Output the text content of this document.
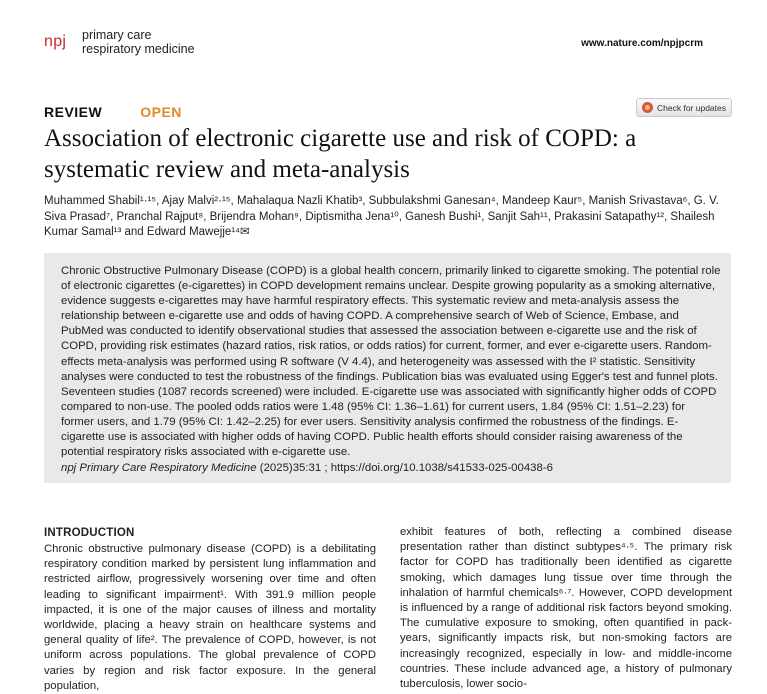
npj primary care
respiratory medicine	www.nature.com/npjpcrm
REVIEW	OPEN	Check for updates
Association of electronic cigarette use and risk of COPD: a systematic review and meta-analysis
Muhammed Shabil¹·¹⁵, Ajay Malvi²·¹⁵, Mahalaqua Nazli Khatib³, Subbulakshmi Ganesan⁴, Mandeep Kaur⁵, Manish Srivastava⁶, G. V. Siva Prasad⁷, Pranchal Rajput⁸, Brijendra Mohan⁹, Diptismitha Jena¹⁰, Ganesh Bushi¹, Sanjit Sah¹¹, Prakasini Satapathy¹², Shailesh Kumar Samal¹³ and Edward Mawejje¹⁴✉
Chronic Obstructive Pulmonary Disease (COPD) is a global health concern, primarily linked to cigarette smoking. The potential role of electronic cigarettes (e-cigarettes) in COPD development remains unclear. Despite growing popularity as a smoking alternative, evidence suggests e-cigarettes may have harmful respiratory effects. This systematic review and meta-analysis assess the relationship between e-cigarette use and odds of having COPD. A comprehensive search of Web of Science, Embase, and PubMed was conducted to identify observational studies that assessed the association between e-cigarette use and the risk of COPD, providing risk estimates (hazard ratios, risk ratios, or odds ratios) for current, former, and ever e-cigarette users. Random-effects meta-analysis was performed using R software (V 4.4), and heterogeneity was assessed with the I² statistic. Sensitivity analyses were conducted to test the robustness of the findings. Publication bias was evaluated using Egger's test and funnel plots. Seventeen studies (1087 records screened) were included. E-cigarette use was associated with significantly higher odds of COPD compared to non-use. The pooled odds ratios were 1.48 (95% CI: 1.36–1.61) for current users, 1.84 (95% CI: 1.51–2.23) for former users, and 1.79 (95% CI: 1.42–2.25) for ever users. Sensitivity analysis confirmed the robustness of the findings. E-cigarette use is associated with higher odds of having COPD. Public health efforts should consider raising awareness of the potential respiratory risks associated with e-cigarette use.
npj Primary Care Respiratory Medicine (2025)35:31 ; https://doi.org/10.1038/s41533-025-00438-6
INTRODUCTION
Chronic obstructive pulmonary disease (COPD) is a debilitating respiratory condition marked by persistent lung inflammation and restricted airflow, progressively worsening over time and often leading to significant impairment¹. With 391.9 million people impacted, it is one of the major causes of illness and mortality worldwide, placing a heavy strain on healthcare systems and general quality of life². The prevalence of COPD, however, is not uniform across populations. The global prevalence of COPD varies by region and risk factor exposure. In the general population,
exhibit features of both, reflecting a combined disease presentation rather than distinct subtypes⁴·⁵. The primary risk factor for COPD has traditionally been identified as cigarette smoking, which damages lung tissue over time through the inhalation of harmful chemicals⁶·⁷. However, COPD development is influenced by a range of additional risk factors beyond smoking. The cumulative exposure to smoking, often quantified in pack-years, significantly impacts risk, but non-smoking factors are increasingly recognized, especially in low- and middle-income countries. These include advanced age, a history of pulmonary tuberculosis, lower socio-
